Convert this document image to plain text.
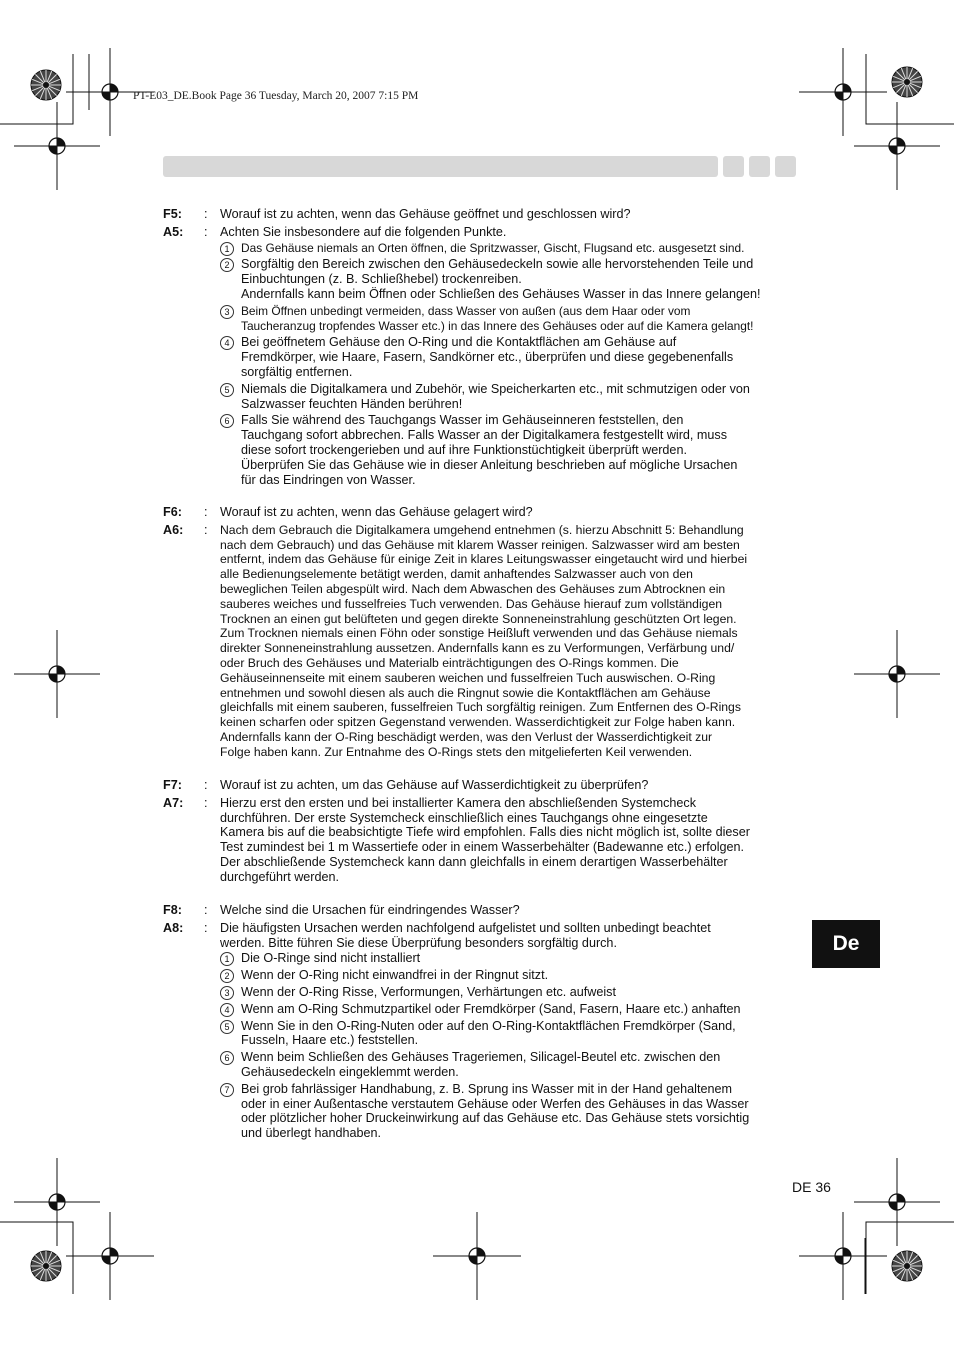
PT-E03_DE.Book Page 36 Tuesday, March 20, 2007 7:15 PM
F5: : Worauf ist zu achten, wenn das Gehäuse geöffnet und geschlossen wird?
A5: : Achten Sie insbesondere auf die folgenden Punkte.
1 Das Gehäuse niemals an Orten öffnen, die Spritzwasser, Gischt, Flugsand etc. ausgesetzt sind.
2 Sorgfältig den Bereich zwischen den Gehäusedeckeln sowie alle hervorstehenden Teile und
Einbuchtungen (z. B. Schließhebel) trockenreiben.
Andernfalls kann beim Öffnen oder Schließen des Gehäuses Wasser in das Innere gelangen!
3 Beim Öffnen unbedingt vermeiden, dass Wasser von außen (aus dem Haar oder vom
Taucheranzug tropfendes Wasser etc.) in das Innere des Gehäuses oder auf die Kamera gelangt!
4 Bei geöffnetem Gehäuse den O-Ring und die Kontaktflächen am Gehäuse auf
Fremdkörper, wie Haare, Fasern, Sandkörner etc., überprüfen und diese gegebenenfalls
sorgfältig entfernen.
5 Niemals die Digitalkamera und Zubehör, wie Speicherkarten etc., mit schmutzigen oder von
Salzwasser feuchten Händen berühren!
6 Falls Sie während des Tauchgangs Wasser im Gehäuseinneren feststellen, den
Tauchgang sofort abbrechen. Falls Wasser an der Digitalkamera festgestellt wird, muss
diese sofort trockengerieben und auf ihre Funktionstüchtigkeit überprüft werden.
Überprüfen Sie das Gehäuse wie in dieser Anleitung beschrieben auf mögliche Ursachen
für das Eindringen von Wasser.
F6: : Worauf ist zu achten, wenn das Gehäuse gelagert wird?
A6: : Nach dem Gebrauch die Digitalkamera umgehend entnehmen (s. hierzu Abschnitt 5: Behandlung
nach dem Gebrauch) und das Gehäuse mit klarem Wasser reinigen. Salzwasser wird am besten
entfernt, indem das Gehäuse für einige Zeit in klares Leitungswasser eingetaucht wird und hierbei
alle Bedienungselemente betätigt werden, damit anhaftendes Salzwasser auch von den
beweglichen Teilen abgespült wird. Nach dem Abwaschen des Gehäuses zum Abtrocknen ein
sauberes weiches und fusselfreies Tuch verwenden. Das Gehäuse hierauf zum vollständigen
Trocknen an einen gut belüfteten und gegen direkte Sonneneinstrahlung geschützten Ort legen.
Zum Trocknen niemals einen Föhn oder sonstige Heißluft verwenden und das Gehäuse niemals
direkter Sonneneinstrahlung aussetzen. Andernfalls kann es zu Verformungen, Verfärbung und/
oder Bruch des Gehäuses und Materialb einträchtigungen des O-Rings kommen. Die
Gehäuseinnenseite mit einem sauberen weichen und fusselfreien Tuch auswischen. O-Ring
entnehmen und sowohl diesen als auch die Ringnut sowie die Kontaktflächen am Gehäuse
gleichfalls mit einem sauberen, fusselfreien Tuch sorgfältig reinigen. Zum Entfernen des O-Rings
keinen scharfen oder spitzen Gegenstand verwenden. Wasserdichtigkeit zur Folge haben kann.
Andernfalls kann der O-Ring beschädigt werden, was den Verlust der Wasserdichtigkeit zur
Folge haben kann. Zur Entnahme des O-Rings stets den mitgelieferten Keil verwenden.
F7: : Worauf ist zu achten, um das Gehäuse auf Wasserdichtigkeit zu überprüfen?
A7: : Hierzu erst den ersten und bei installierter Kamera den abschließenden Systemcheck
durchführen. Der erste Systemcheck einschließlich eines Tauchgangs ohne eingesetzte
Kamera bis auf die beabsichtigte Tiefe wird empfohlen. Falls dies nicht möglich ist, sollte dieser
Test zumindest bei 1 m Wassertiefe oder in einem Wasserbehälter (Badewanne etc.) erfolgen.
Der abschließende Systemcheck kann dann gleichfalls in einem derartigen Wasserbehälter
durchgeführt werden.
F8: : Welche sind die Ursachen für eindringendes Wasser?
A8: : Die häufigsten Ursachen werden nachfolgend aufgelistet und sollten unbedingt beachtet
werden. Bitte führen Sie diese Überprüfung besonders sorgfältig durch.
1 Die O-Ringe sind nicht installiert
2 Wenn der O-Ring nicht einwandfrei in der Ringnut sitzt.
3 Wenn der O-Ring Risse, Verformungen, Verhärtungen etc. aufweist
4 Wenn am O-Ring Schmutzpartikel oder Fremdkörper (Sand, Fasern, Haare etc.) anhaften
5 Wenn Sie in den O-Ring-Nuten oder auf den O-Ring-Kontaktflächen Fremdkörper (Sand,
Fusseln, Haare etc.) feststellen.
6 Wenn beim Schließen des Gehäuses Trageriemen, Silicagel-Beutel etc. zwischen den
Gehäusedeckeln eingeklemmt werden.
7 Bei grob fahrlässiger Handhabung, z. B. Sprung ins Wasser mit in der Hand gehaltenem
oder in einer Außentasche verstautem Gehäuse oder Werfen des Gehäuses in das Wasser
oder plötzlicher hoher Druckeinwirkung auf das Gehäuse etc. Das Gehäuse stets vorsichtig
und überlegt handhaben.
De
DE 36
